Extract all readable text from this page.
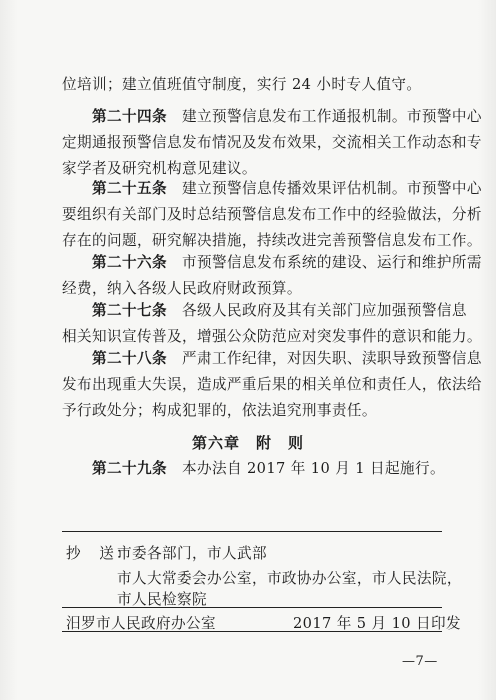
位培训；建立值班值守制度，实行 24 小时专人值守。
　　第二十四条　 建立预警信息发布工作通报机制。市预警中心
定期通报预警信息发布情况及发布效果，交流相关工作动态和专
家学者及研究机构意见建议。
　　第二十五条　 建立预警信息传播效果评估机制。市预警中心
要组织有关部门及时总结预警信息发布工作中的经验做法，分析
存在的问题，研究解决措施，持续改进完善预警信息发布工作。
　　第二十六条　 市预警信息发布系统的建设、运行和维护所需
经费，纳入各级人民政府财政预算。
　　第二十七条　 各级人民政府及其有关部门应加强预警信息
相关知识宣传普及，增强公众防范应对突发事件的意识和能力。
　　第二十八条　 严肃工作纪律，对因失职、渎职导致预警信息
发布出现重大失误，造成严重后果的相关单位和责任人，依法给
予行政处分；构成犯罪的，依法追究刑事责任。
第六章　附　则
　　第二十九条　 本办法自 2017 年 10 月 1 日起施行。
抄　送：
市委各部门，市人武部
市人大常委会办公室，市政协办公室，市人民法院，
市人民检察院
汨罗市人民政府办公室	2017 年 5 月 10 日印发
—7—
